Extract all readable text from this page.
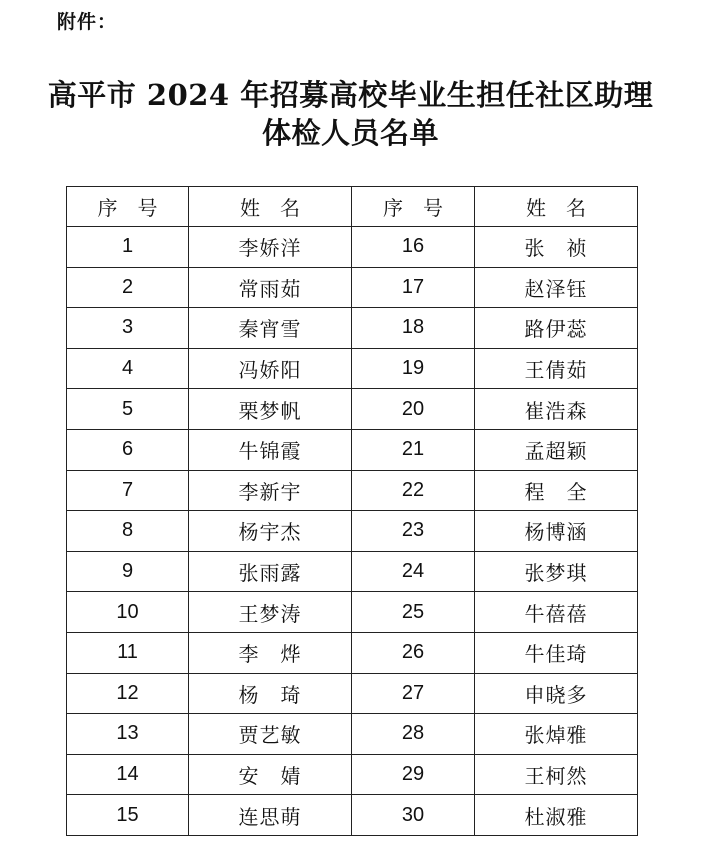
附件：
高平市 2024 年招募高校毕业生担任社区助理
体检人员名单
序　号	姓　名	序　号	姓　名
1	李娇洋	16	张　祯
2	常雨茹	17	赵泽钰
3	秦宵雪	18	路伊蕊
4	冯娇阳	19	王倩茹
5	栗梦帆	20	崔浩森
6	牛锦霞	21	孟超颖
7	李新宇	22	程　全
8	杨宇杰	23	杨博涵
9	张雨露	24	张梦琪
10	王梦涛	25	牛蓓蓓
11	李　烨	26	牛佳琦
12	杨　琦	27	申晓多
13	贾艺敏	28	张焯雅
14	安　婧	29	王柯然
15	连思萌	30	杜淑雅
